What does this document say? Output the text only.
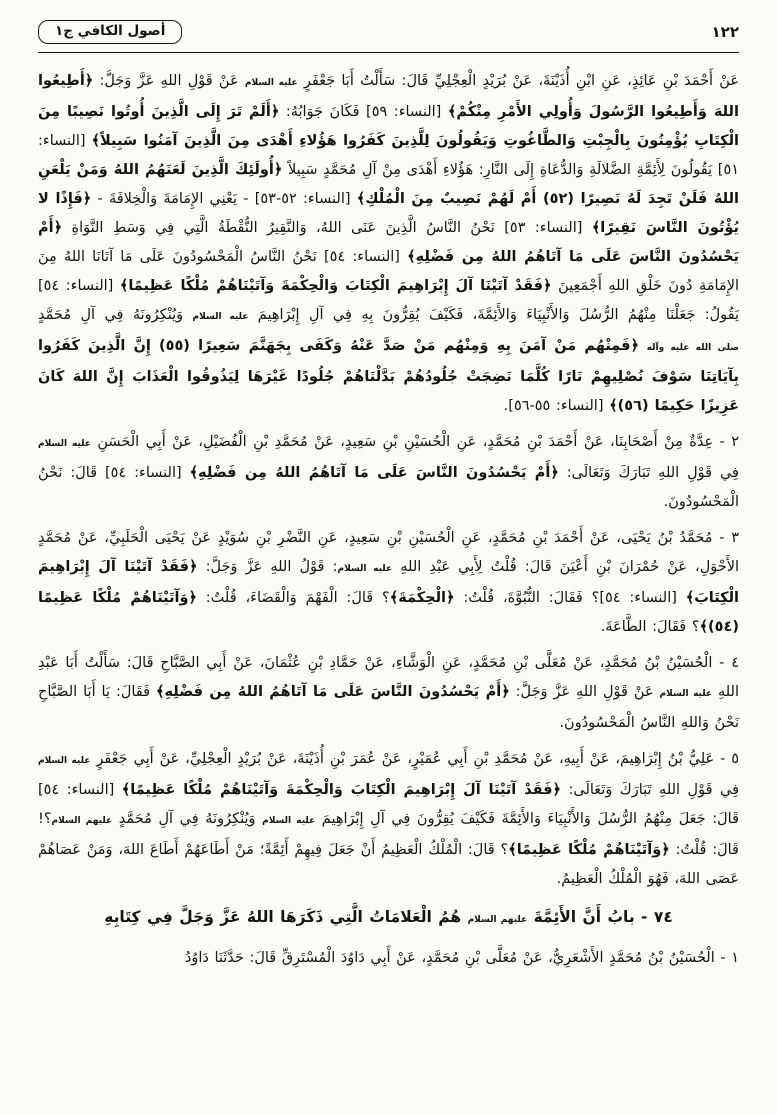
١٢٢
أصول الكافي ج١

عَنْ أَحْمَدَ بْنِ عَائِذٍ، عَنِ ابْنِ أُذَيْنَةَ، عَنْ بُرَيْدٍ الْعِجْلِيِّ قَالَ: سَأَلْتُ أَبَا جَعْفَرٍ عليه السلام عَنْ قَوْلِ اللهِ عَزَّ وَجَلَّ: ﴿أَطِيعُوا اللهَ وَأَطِيعُوا الرَّسُولَ وَأُولِي الأَمْرِ مِنْكُمْ﴾ [النساء: ٥٩] فَكَانَ جَوَابُهُ: ﴿أَلَمْ تَرَ إِلَى الَّذِينَ أُوتُوا نَصِيبًا مِنَ الْكِتَابِ يُؤْمِنُونَ بِالْجِبْتِ وَالطَّاغُوتِ وَيَقُولُونَ لِلَّذِينَ كَفَرُوا هَؤُلاءِ أَهْدَى مِنَ الَّذِينَ آمَنُوا سَبِيلاً﴾ [النساء: ٥١] يَقُولُونَ لِأَئِمَّةِ الضَّلالَةِ وَالدُّعَاةِ إِلَى النَّارِ: هَؤُلاءِ أَهْدَى مِنْ آلِ مُحَمَّدٍ سَبِيلاً ﴿أُولَئِكَ الَّذِينَ لَعَنَهُمُ اللهُ وَمَنْ يَلْعَنِ اللهُ فَلَنْ تَجِدَ لَهُ نَصِيرًا (٥٢) أَمْ لَهُمْ نَصِيبٌ مِنَ الْمُلْكِ﴾ [النساء: ٥٢-٥٣] - يَعْنِي الإِمَامَةَ وَالْخِلافَةَ - ﴿فَإِذًا لا يُؤْتُونَ النَّاسَ نَقِيرًا﴾ [النساء: ٥٣] نَحْنُ النَّاسُ الَّذِينَ عَنَى اللهُ، وَالنَّقِيرُ النُّقْطَةُ الَّتِي فِي وَسَطِ النَّوَاةِ ﴿أَمْ يَحْسُدُونَ النَّاسَ عَلَى مَا آتَاهُمُ اللهُ مِن فَضْلِهِ﴾ [النساء: ٥٤] نَحْنُ النَّاسُ الْمَحْسُودُونَ عَلَى مَا آتَانَا اللهُ مِنَ الإِمَامَةِ دُونَ خَلْقِ اللهِ أَجْمَعِينَ ﴿فَقَدْ آتَيْنَا آلَ إِبْرَاهِيمَ الْكِتَابَ وَالْحِكْمَةَ وَآتَيْنَاهُمْ مُلْكًا عَظِيمًا﴾ [النساء: ٥٤] يَقُولُ: جَعَلْنَا مِنْهُمُ الرُّسُلَ وَالأَنْبِيَاءَ وَالأَئِمَّةَ، فَكَيْفَ يُقِرُّونَ بِهِ فِي آلِ إِبْرَاهِيمَ عليه السلام وَيُنْكِرُونَهُ فِي آلِ مُحَمَّدٍ صلى الله عليه وآله ﴿فَمِنْهُم مَنْ آمَنَ بِهِ وَمِنْهُم مَنْ صَدَّ عَنْهُ وَكَفَى بِجَهَنَّمَ سَعِيرًا (٥٥) إِنَّ الَّذِينَ كَفَرُوا بِآيَاتِنَا سَوْفَ نُصْلِيهِمْ نَارًا كُلَّمَا نَضِجَتْ جُلُودُهُمْ بَدَّلْنَاهُمْ جُلُودًا غَيْرَهَا لِيَذُوقُوا الْعَذَابَ إِنَّ اللهَ كَانَ عَزِيزًا حَكِيمًا (٥٦)﴾ [النساء: ٥٥-٥٦].

٢ - عِدَّةٌ مِنْ أَصْحَابِنَا، عَنْ أَحْمَدَ بْنِ مُحَمَّدٍ، عَنِ الْحُسَيْنِ بْنِ سَعِيدٍ، عَنْ مُحَمَّدِ بْنِ الْفُضَيْلِ، عَنْ أَبِي الْحَسَنِ عليه السلام فِي قَوْلِ اللهِ تَبَارَكَ وَتَعَالَى: ﴿أَمْ يَحْسُدُونَ النَّاسَ عَلَى مَا آتَاهُمُ اللهُ مِن فَضْلِهِ﴾ [النساء: ٥٤] قَالَ: نَحْنُ الْمَحْسُودُونَ.

٣ - مُحَمَّدُ بْنُ يَحْيَى، عَنْ أَحْمَدَ بْنِ مُحَمَّدٍ، عَنِ الْحُسَيْنِ بْنِ سَعِيدٍ، عَنِ النَّضْرِ بْنِ سُوَيْدٍ عَنْ يَحْيَى الْحَلَبِيِّ، عَنْ مُحَمَّدٍ الأَحْوَلِ، عَنْ حُمْرَانَ بْنِ أَعْيَنَ قَالَ: قُلْتُ لِأَبِي عَبْدِ اللهِ عليه السلام: قَوْلُ اللهِ عَزَّ وَجَلَّ: ﴿فَقَدْ آتَيْنَا آلَ إِبْرَاهِيمَ الْكِتَابَ﴾ [النساء: ٥٤]؟ فَقَالَ: النُّبُوَّةَ، قُلْتُ: ﴿الْحِكْمَةَ﴾؟ قَالَ: الْفَهْمَ وَالْقَضَاءَ، قُلْتُ: ﴿وَآتَيْنَاهُمْ مُلْكًا عَظِيمًا (٥٤)﴾؟ فَقَالَ: الطَّاعَةَ.

٤ - الْحُسَيْنُ بْنُ مُحَمَّدٍ، عَنْ مُعَلَّى بْنِ مُحَمَّدٍ، عَنِ الْوَشَّاءِ، عَنْ حَمَّادِ بْنِ عُثْمَانَ، عَنْ أَبِي الصَّبَّاحِ قَالَ: سَأَلْتُ أَبَا عَبْدِ اللهِ عليه السلام عَنْ قَوْلِ اللهِ عَزَّ وَجَلَّ: ﴿أَمْ يَحْسُدُونَ النَّاسَ عَلَى مَا آتَاهُمُ اللهُ مِن فَضْلِهِ﴾ فَقَالَ: يَا أَبَا الصَّبَّاحِ نَحْنُ وَاللهِ النَّاسُ الْمَحْسُودُونَ.

٥ - عَلِيُّ بْنُ إِبْرَاهِيمَ، عَنْ أَبِيهِ، عَنْ مُحَمَّدِ بْنِ أَبِي عُمَيْرٍ، عَنْ عُمَرَ بْنِ أُذَيْنَةَ، عَنْ بُرَيْدٍ الْعِجْلِيِّ، عَنْ أَبِي جَعْفَرٍ عليه السلام فِي قَوْلِ اللهِ تَبَارَكَ وَتَعَالَى: ﴿فَقَدْ آتَيْنَا آلَ إِبْرَاهِيمَ الْكِتَابَ وَالْحِكْمَةَ وَآتَيْنَاهُمْ مُلْكًا عَظِيمًا﴾ [النساء: ٥٤] قَالَ: جَعَلَ مِنْهُمُ الرُّسُلَ وَالأَنْبِيَاءَ وَالأَئِمَّةَ فَكَيْفَ يُقِرُّونَ فِي آلِ إِبْرَاهِيمَ عليه السلام وَيُنْكِرُونَهُ فِي آلِ مُحَمَّدٍ عليهم السلام؟! قَالَ: قُلْتُ: ﴿وَآتَيْنَاهُمْ مُلْكًا عَظِيمًا﴾؟ قَالَ: الْمُلْكُ الْعَظِيمُ أَنْ جَعَلَ فِيهِمْ أَئِمَّةً؛ مَنْ أَطَاعَهُمْ أَطَاعَ اللهَ، وَمَنْ عَصَاهُمْ عَصَى اللهَ، فَهُوَ الْمُلْكُ الْعَظِيمُ.

٧٤ - بابُ أَنَّ الأَئِمَّةَ عليهم السلام هُمُ الْعَلامَاتُ الَّتِي ذَكَرَهَا اللهُ عَزَّ وَجَلَّ فِي كِتَابِهِ

١ - الْحُسَيْنُ بْنُ مُحَمَّدٍ الأَشْعَرِيُّ، عَنْ مُعَلَّى بْنِ مُحَمَّدٍ، عَنْ أَبِي دَاوُدَ الْمُسْتَرِقِّ قَالَ: حَدَّثَنَا دَاوُدُ
